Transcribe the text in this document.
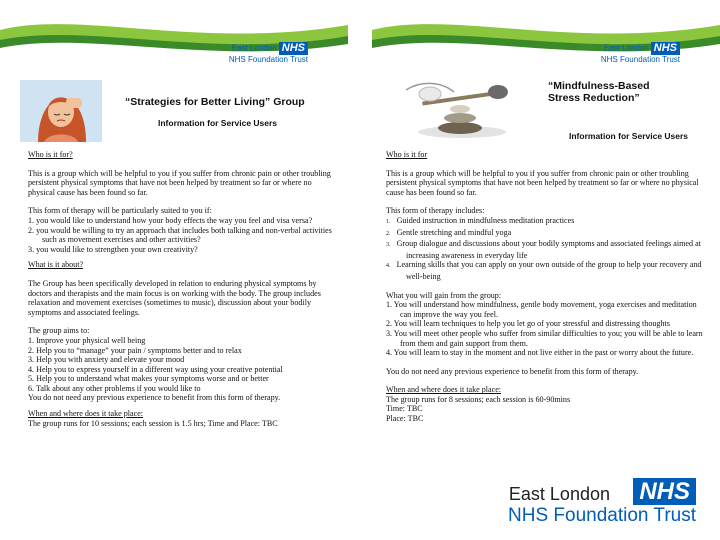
East London NHS
NHS Foundation Trust
“Strategies for Better Living” Group
Information for Service Users

Who is it for?

This is a group which will be helpful to you if you suffer from chronic pain or other troubling persistent physical symptoms that have not been helped by treatment so far or where no physical cause has been found so far.

This form of therapy will be particularly suited to you if:

1. you would like to understand how your body effects the way you feel and visa versa?

2. you would be willing to try an approach that includes both talking and non-verbal activities such as movement exercises and other activities?

3. you would like to strengthen your own creativity?

What is it about?

The Group has been specifically developed in relation to enduring physical symptoms by doctors and therapists and the main focus is on working with the body. The group includes relaxation and movement exercises (sometimes to music), discussion about your bodily symptoms and associated feelings.

The group aims to:

1. Improve your physical well being

2. Help you to “manage” your pain / symptoms better and to relax

3. Help you with anxiety and elevate your mood

4. Help you to express yourself in a different way using your creative potential

5. Help you to understand what makes your symptoms worse and or better

6. Talk about any other problems if you would like to

You do not need any previous experience to benefit from this form of therapy.

When and where does it take place:

The group runs for 10 sessions; each session is 1.5 hrs; Time and Place: TBC

East London NHS
NHS Foundation Trust
“Mindfulness-Based
Stress Reduction”
Information for Service Users

Who is it for

This is a group which will be helpful to you if you suffer from chronic pain or other troubling persistent physical symptoms that have not been helped by treatment so far or where no physical cause has been found so far.

This form of therapy includes:

1. Guided instruction in mindfulness meditation practices

2. Gentle stretching and mindful yoga

3. Group dialogue and discussions about your bodily symptoms and associated feelings aimed at increasing awareness in everyday life

4. Learning skills that you can apply on your own outside of the group to help your recovery and well-being

What you will gain from the group:

1. You will understand how mindfulness, gentle body movement, yoga exercises and meditation can improve the way you feel.

2. You will learn techniques to help you let go of your stressful and distressing thoughts

3. You will meet other people who suffer from similar difficulties to you; you will be able to learn from them and gain support from them.

4. You will learn to stay in the moment and not live either in the past or worry about the future.

You do not need any previous experience to benefit from this form of therapy.

When and where does it take place:

The group runs for 8 sessions; each session is 60-90mins

Time: TBC

Place: TBC

East London NHS
NHS Foundation Trust
